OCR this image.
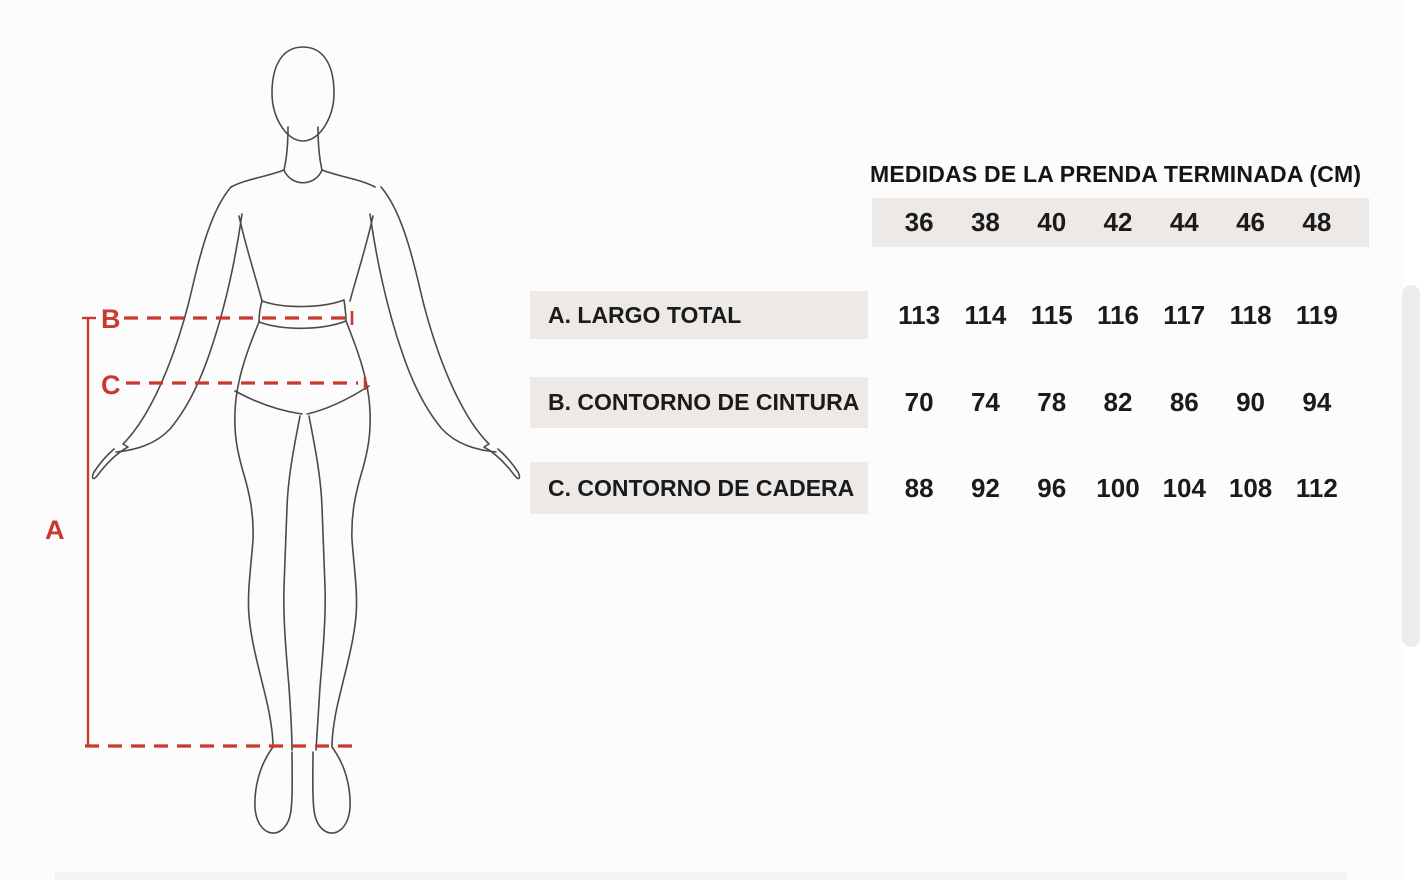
A
B
C
MEDIDAS DE LA PRENDA TERMINADA (CM)
36	38	40	42	44	46	48
A. LARGO TOTAL	113 114 115 116 117 118 119
B. CONTORNO DE CINTURA	70	74	78	82	86	90	94
C. CONTORNO DE CADERA	88	92	96	100 104 108 112
